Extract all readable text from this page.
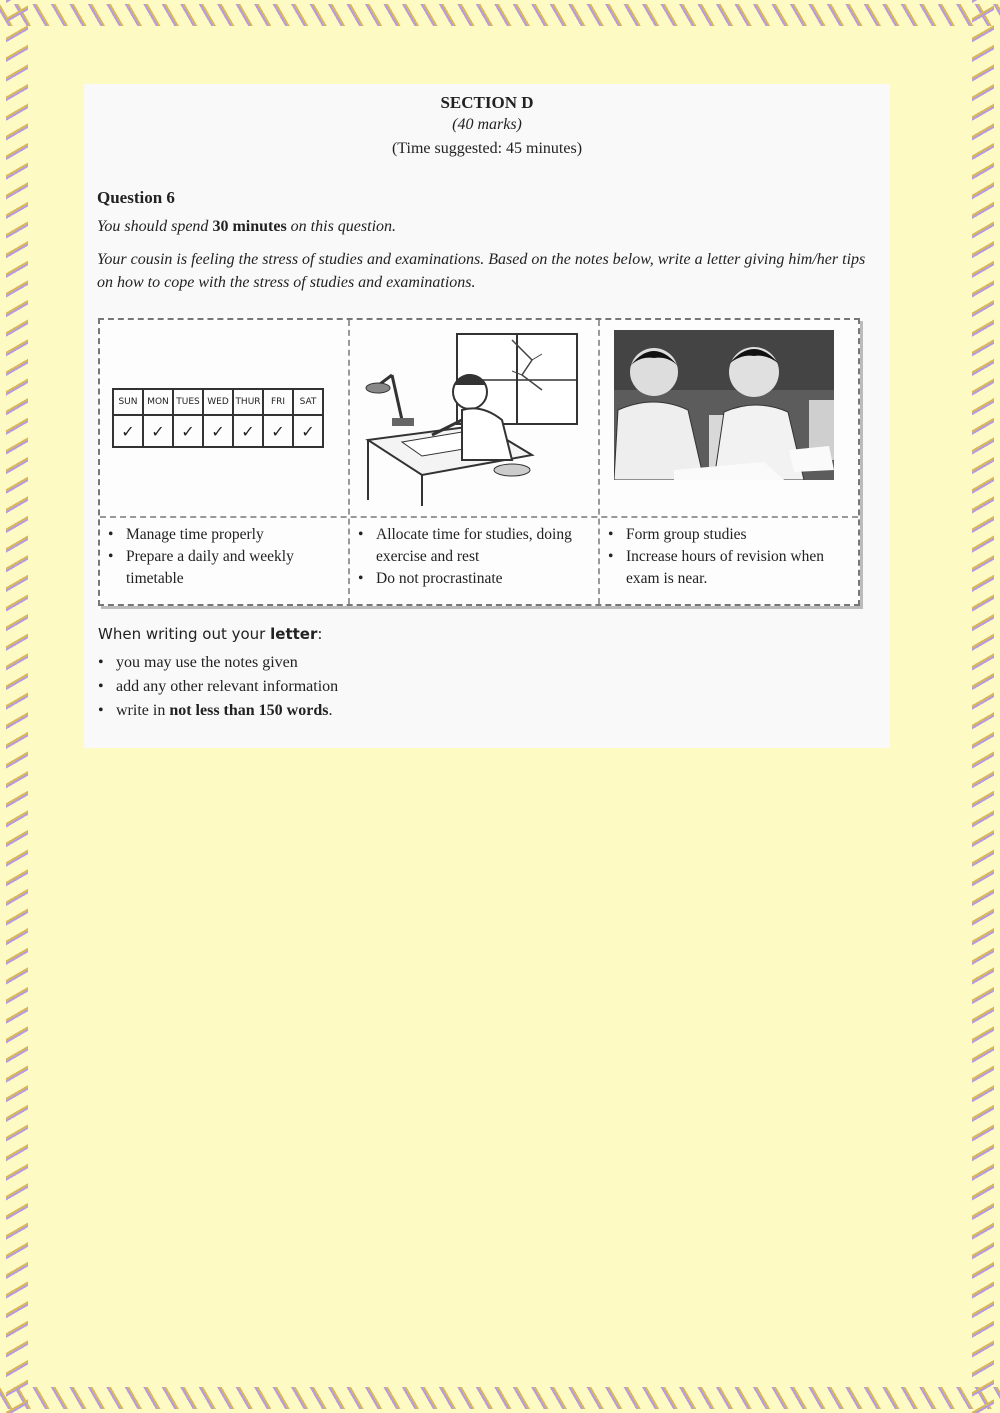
SECTION D
(40 marks)
(Time suggested: 45 minutes)
Question 6
You should spend 30 minutes on this question.
Your cousin is feeling the stress of studies and examinations. Based on the notes below, write a letter giving him/her tips on how to cope with the stress of studies and examinations.
SUN	MON	TUES	WED	THUR	FRI	SAT
✓	✓	✓	✓	✓	✓	✓
• Manage time properly
• Prepare a daily and weekly timetable
• Allocate time for studies, doing exercise and rest
• Do not procrastinate
• Form group studies
• Increase hours of revision when exam is near.
When writing out your letter:
• you may use the notes given
• add any other relevant information
• write in not less than 150 words.
